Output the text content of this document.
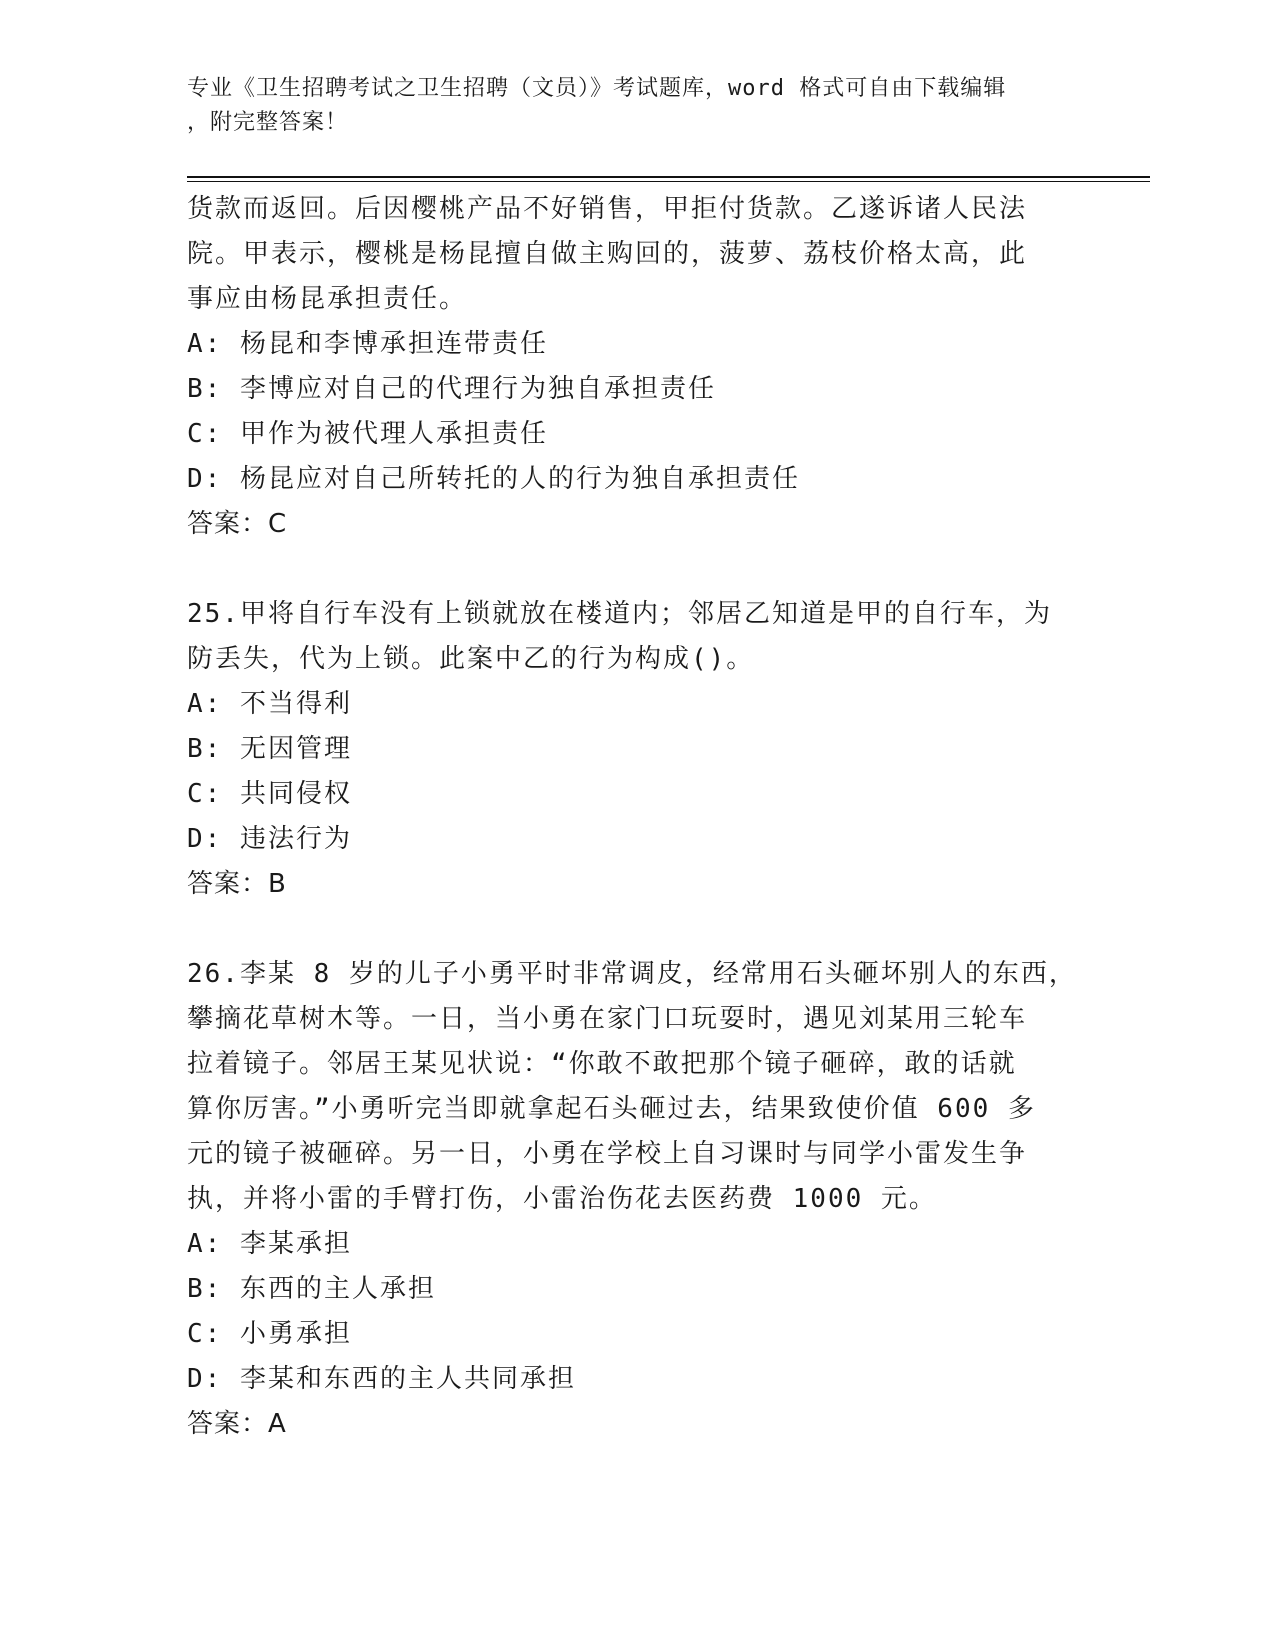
专业《卫生招聘考试之卫生招聘（文员）》考试题库，word 格式可自由下载编辑
，附完整答案！
货款而返回。后因樱桃产品不好销售，甲拒付货款。乙遂诉诸人民法
院。甲表示，樱桃是杨昆擅自做主购回的，菠萝、荔枝价格太高，此
事应由杨昆承担责任。
A: 杨昆和李博承担连带责任
B: 李博应对自己的代理行为独自承担责任
C: 甲作为被代理人承担责任
D: 杨昆应对自己所转托的人的行为独自承担责任
答案：C
25.甲将自行车没有上锁就放在楼道内；邻居乙知道是甲的自行车，为
防丢失，代为上锁。此案中乙的行为构成()。
A: 不当得利
B: 无因管理
C: 共同侵权
D: 违法行为
答案：B
26.李某 8 岁的儿子小勇平时非常调皮，经常用石头砸坏别人的东西，
攀摘花草树木等。一日，当小勇在家门口玩耍时，遇见刘某用三轮车
拉着镜子。邻居王某见状说：“你敢不敢把那个镜子砸碎，敢的话就
算你厉害。”小勇听完当即就拿起石头砸过去，结果致使价值 600 多
元的镜子被砸碎。另一日，小勇在学校上自习课时与同学小雷发生争
执，并将小雷的手臂打伤，小雷治伤花去医药费 1000 元。
A: 李某承担
B: 东西的主人承担
C: 小勇承担
D: 李某和东西的主人共同承担
答案：A
